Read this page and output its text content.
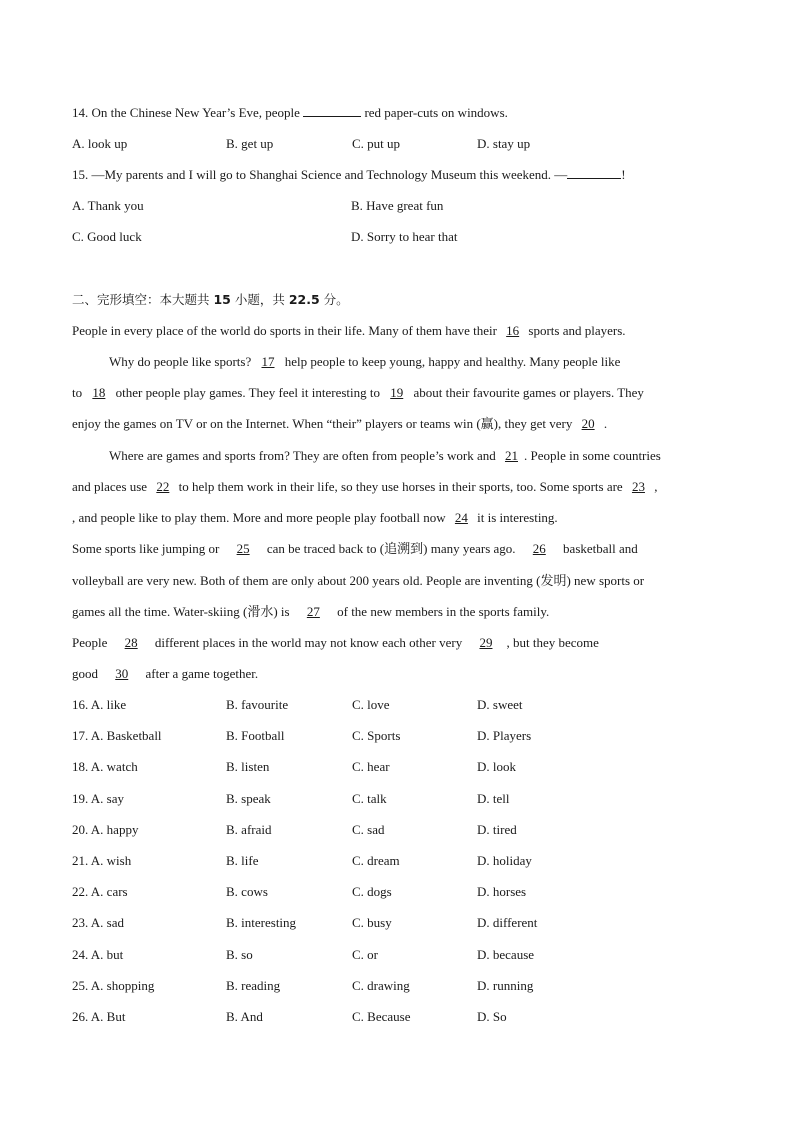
14. On the Chinese New Year’s Eve, people	red paper-cuts on windows.
A. look up	B. get up	C. put up	D. stay up
15. —My parents and I will go to Shanghai Science and Technology Museum this weekend. —	!
A. Thank you	B. Have great fun
C. Good luck	D. Sorry to hear that
二、完形填空：本大题共 15 小题，共 22.5 分。
People in every place of the world do sports in their life. Many of them have their 16 sports and players.
Why do people like sports? 17 help people to keep young, happy and healthy. Many people like
to 18 other people play games. They feel it interesting to 19 about their favourite games or players. They
enjoy the games on TV or on the Internet. When “their” players or teams win (赢), they get very 20 .
Where are games and sports from? They are often from people’s work and 21 . People in some countries
and places use 22 to help them work in their life, so they use horses in their sports, too. Some sports are 23 ,
, and people like to play them. More and more people play football now 24 it is interesting.
Some sports like jumping or 25 can be traced back to (追溯到) many years ago. 26 basketball and
volleyball are very new. Both of them are only about 200 years old. People are inventing (发明) new sports or
games all the time. Water-skiing (滑水) is 27 of the new members in the sports family.
People 28 different places in the world may not know each other very 29 , but they become
good 30 after a game together.
16. A. like	B. favourite	C. love	D. sweet
17. A. Basketball	B. Football	C. Sports	D. Players
18. A. watch	B. listen	C. hear	D. look
19. A. say	B. speak	C. talk	D. tell
20. A. happy	B. afraid	C. sad	D. tired
21. A. wish	B. life	C. dream	D. holiday
22. A. cars	B. cows	C. dogs	D. horses
23. A. sad	B. interesting	C. busy	D. different
24. A. but	B. so	C. or	D. because
25. A. shopping	B. reading	C. drawing	D. running
26. A. But	B. And	C. Because	D. So
